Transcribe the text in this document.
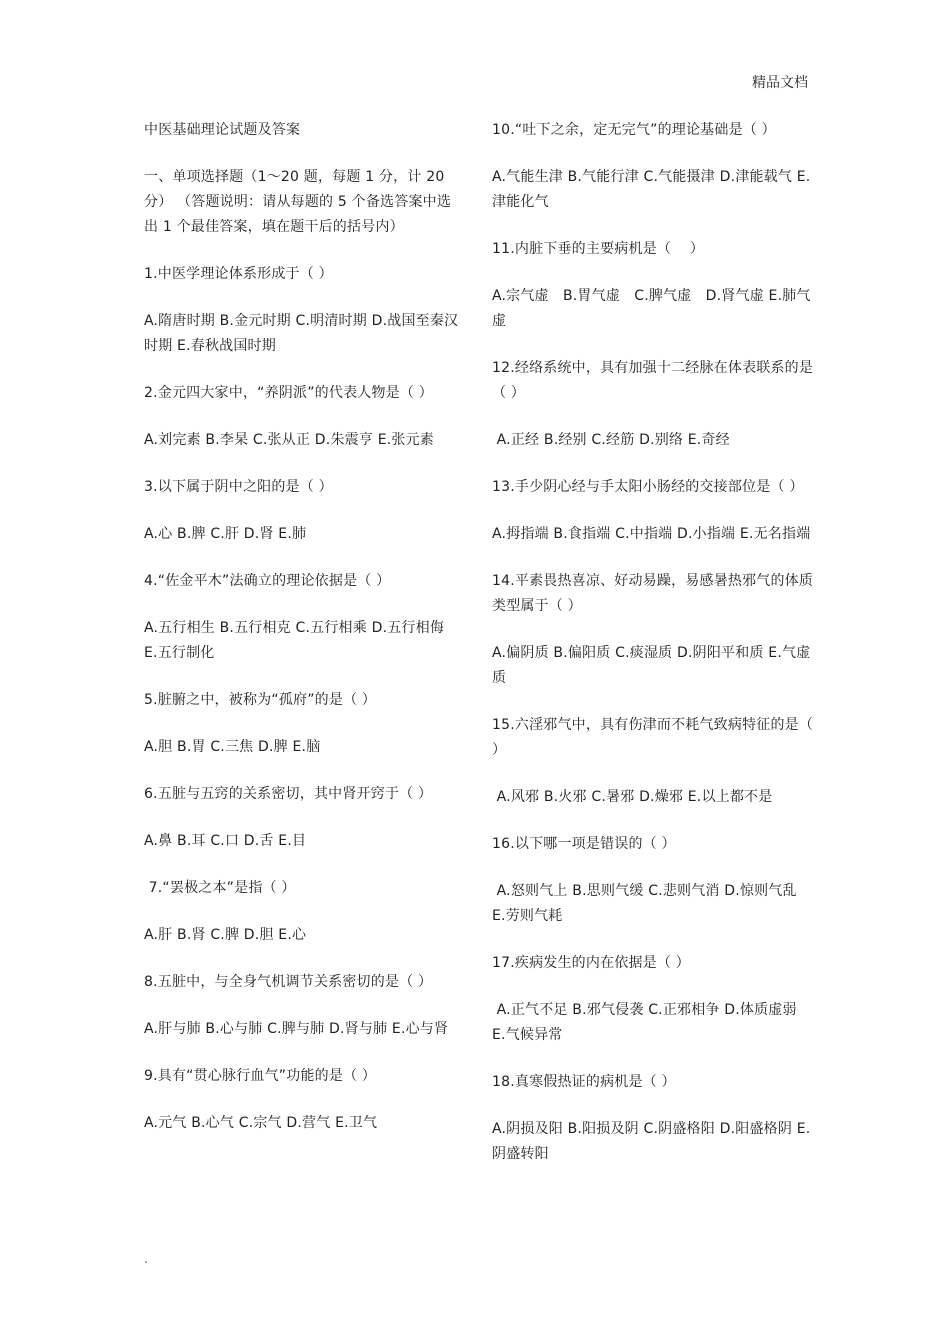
精品文档

中医基础理论试题及答案

一、单项选择题（1～20 题，每题 1 分，计 20 分） （答题说明：请从每题的 5 个备选答案中选出 1 个最佳答案，填在题干后的括号内）

1.中医学理论体系形成于（ ）

A.隋唐时期 B.金元时期 C.明清时期 D.战国至秦汉时期 E.春秋战国时期

2.金元四大家中，“养阴派”的代表人物是（ ）

A.刘完素 B.李杲 C.张从正 D.朱震亨 E.张元素

3.以下属于阴中之阳的是（ ）

A.心 B.脾 C.肝 D.肾 E.肺

4.“佐金平木”法确立的理论依据是（ ）

A.五行相生 B.五行相克 C.五行相乘 D.五行相侮 E.五行制化

5.脏腑之中，被称为“孤府”的是（ ）

A.胆 B.胃 C.三焦 D.脾 E.脑

6.五脏与五窍的关系密切，其中肾开窍于（ ）

A.鼻 B.耳 C.口 D.舌 E.目

7.“罢极之本”是指（ ）

A.肝 B.肾 C.脾 D.胆 E.心

8.五脏中，与全身气机调节关系密切的是（ ）

A.肝与肺 B.心与肺 C.脾与肺 D.肾与肺 E.心与肾

9.具有“贯心脉行血气”功能的是（ ）

A.元气 B.心气 C.宗气 D.营气 E.卫气

10.“吐下之余，定无完气”的理论基础是（ ）

A.气能生津 B.气能行津 C.气能摄津 D.津能载气 E.津能化气

11.内脏下垂的主要病机是（　 ）

A.宗气虚　B.胃气虚　C.脾气虚　D.肾气虚 E.肺气虚

12.经络系统中，具有加强十二经脉在体表联系的是（ ）

A.正经 B.经别 C.经筋 D.别络 E.奇经

13.手少阴心经与手太阳小肠经的交接部位是（ ）

A.拇指端 B.食指端 C.中指端 D.小指端 E.无名指端

14.平素畏热喜凉、好动易躁，易感暑热邪气的体质类型属于（ ）

A.偏阴质 B.偏阳质 C.痰湿质 D.阴阳平和质 E.气虚质

15.六淫邪气中，具有伤津而不耗气致病特征的是（ ）

A.风邪 B.火邪 C.暑邪 D.燥邪 E.以上都不是

16.以下哪一项是错误的（ ）

A.怒则气上 B.思则气缓 C.悲则气消 D.惊则气乱 E.劳则气耗

17.疾病发生的内在依据是（ ）

A.正气不足 B.邪气侵袭 C.正邪相争 D.体质虚弱 E.气候异常

18.真寒假热证的病机是（ ）

A.阴损及阳 B.阳损及阴 C.阴盛格阳 D.阳盛格阴 E.阴盛转阳

.
